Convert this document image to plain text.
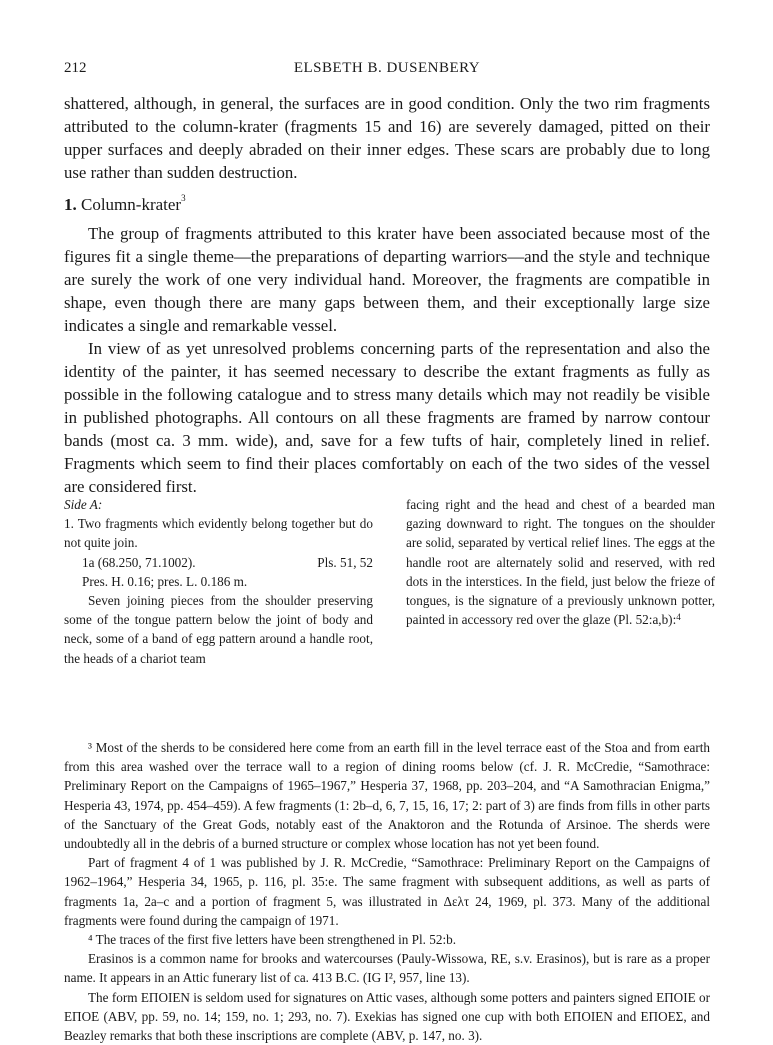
212	ELSBETH B. DUSENBERY

shattered, although, in general, the surfaces are in good condition. Only the two rim fragments attributed to the column-krater (fragments 15 and 16) are severely damaged, pitted on their upper surfaces and deeply abraded on their inner edges. These scars are probably due to long use rather than sudden destruction.

1. Column-krater$^3$

The group of fragments attributed to this krater have been associated because most of the figures fit a single theme—the preparations of departing warriors—and the style and technique are surely the work of one very individual hand. Moreover, the fragments are compatible in shape, even though there are many gaps between them, and their exceptionally large size indicates a single and remarkable vessel.

In view of as yet unresolved problems concerning parts of the representation and also the identity of the painter, it has seemed necessary to describe the extant fragments as fully as possible in the following catalogue and to stress many details which may not readily be visible in published photographs. All contours on all these fragments are framed by narrow contour bands (most ca. 3 mm. wide), and, save for a few tufts of hair, completely lined in relief. Fragments which seem to find their places comfortably on each of the two sides of the vessel are considered first.

Side A:

1. Two fragments which evidently belong together but do not quite join.

1a (68.250, 71.1002).	Pls. 51, 52

Pres. H. 0.16; pres. L. 0.186 m.

Seven joining pieces from the shoulder preserving some of the tongue pattern below the joint of body and neck, some of a band of egg pattern around a handle root, the heads of a chariot team

facing right and the head and chest of a bearded man gazing downward to right. The tongues on the shoulder are solid, separated by vertical relief lines. The eggs at the handle root are alternately solid and reserved, with red dots in the interstices. In the field, just below the frieze of tongues, is the signature of a previously unknown potter, painted in accessory red over the glaze (Pl. 52:a,b):$^4$

³ Most of the sherds to be considered here come from an earth fill in the level terrace east of the Stoa and from earth from this area washed over the terrace wall to a region of dining rooms below (cf. J. R. McCredie, “Samothrace: Preliminary Report on the Campaigns of 1965–1967,” Hesperia 37, 1968, pp. 203–204, and “A Samothracian Enigma,” Hesperia 43, 1974, pp. 454–459). A few fragments (1: 2b–d, 6, 7, 15, 16, 17; 2: part of 3) are finds from fills in other parts of the Sanctuary of the Great Gods, notably east of the Anaktoron and the Rotunda of Arsinoe. The sherds were undoubtedly all in the debris of a burned structure or complex whose location has not yet been found.

Part of fragment 4 of 1 was published by J. R. McCredie, “Samothrace: Preliminary Report on the Campaigns of 1962–1964,” Hesperia 34, 1965, p. 116, pl. 35:e. The same fragment with subsequent additions, as well as parts of fragments 1a, 2a–c and a portion of fragment 5, was illustrated in Δελτ 24, 1969, pl. 373. Many of the additional fragments were found during the campaign of 1971.

⁴ The traces of the first five letters have been strengthened in Pl. 52:b.

Erasinos is a common name for brooks and watercourses (Pauly-Wissowa, RE, s.v. Erasinos), but is rare as a proper name. It appears in an Attic funerary list of ca. 413 B.C. (IG I², 957, line 13).

The form ΕΠΟΙΕΝ is seldom used for signatures on Attic vases, although some potters and painters signed ΕΠΟΙΕ or ΕΠΟΕ (ABV, pp. 59, no. 14; 159, no. 1; 293, no. 7). Exekias has signed one cup with both ΕΠΟΙΕΝ and ΕΠΟΕΣ, and Beazley remarks that both these inscriptions are complete (ABV, p. 147, no. 3).
